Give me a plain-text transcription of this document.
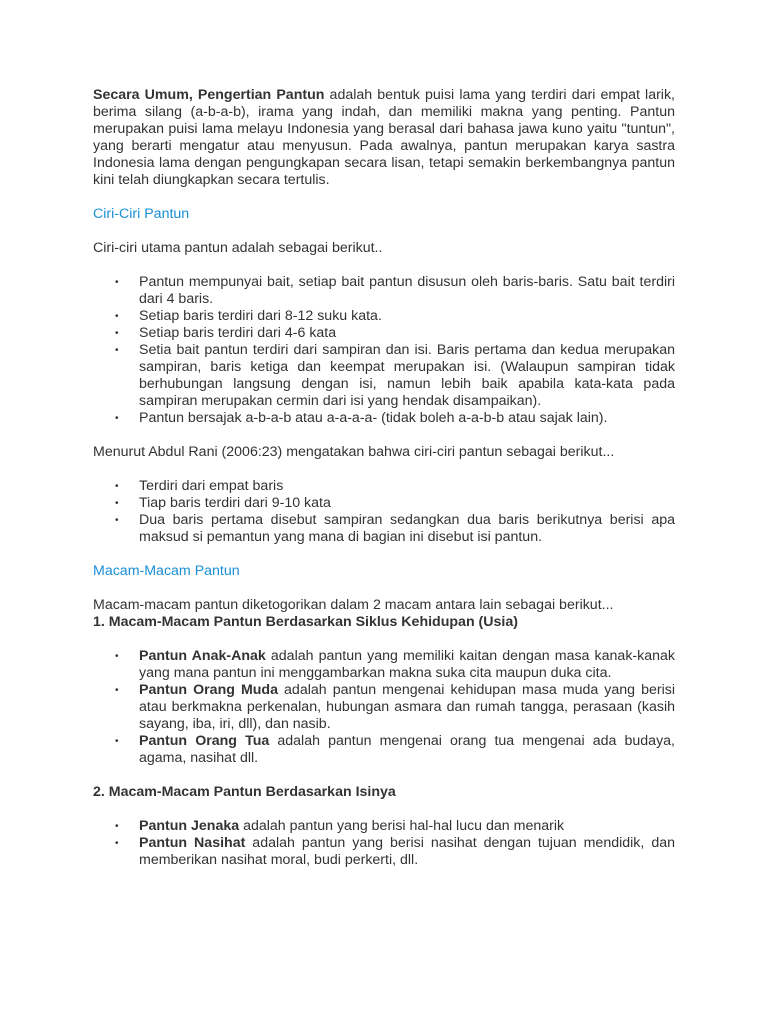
Secara Umum, Pengertian Pantun adalah bentuk puisi lama yang terdiri dari empat larik, berima silang (a-b-a-b), irama yang indah, dan memiliki makna yang penting. Pantun merupakan puisi lama melayu Indonesia yang berasal dari bahasa jawa kuno yaitu "tuntun", yang berarti mengatur atau menyusun. Pada awalnya, pantun merupakan karya sastra Indonesia lama dengan pengungkapan secara lisan, tetapi semakin berkembangnya pantun kini telah diungkapkan secara tertulis.

Ciri-Ciri Pantun

Ciri-ciri utama pantun adalah sebagai berikut..

• Pantun mempunyai bait, setiap bait pantun disusun oleh baris-baris. Satu bait terdiri dari 4 baris.
• Setiap baris terdiri dari 8-12 suku kata.
• Setiap baris terdiri dari 4-6 kata
• Setia bait pantun terdiri dari sampiran dan isi. Baris pertama dan kedua merupakan sampiran, baris ketiga dan keempat merupakan isi. (Walaupun sampiran tidak berhubungan langsung dengan isi, namun lebih baik apabila kata-kata pada sampiran merupakan cermin dari isi yang hendak disampaikan).
• Pantun bersajak a-b-a-b atau a-a-a-a- (tidak boleh a-a-b-b atau sajak lain).

Menurut Abdul Rani (2006:23) mengatakan bahwa ciri-ciri pantun sebagai berikut...

• Terdiri dari empat baris
• Tiap baris terdiri dari 9-10 kata
• Dua baris pertama disebut sampiran sedangkan dua baris berikutnya berisi apa maksud si pemantun yang mana di bagian ini disebut isi pantun.

Macam-Macam Pantun

Macam-macam pantun diketogorikan dalam 2 macam antara lain sebagai berikut...

1. Macam-Macam Pantun Berdasarkan Siklus Kehidupan (Usia)

• Pantun Anak-Anak adalah pantun yang memiliki kaitan dengan masa kanak-kanak yang mana pantun ini menggambarkan makna suka cita maupun duka cita.
• Pantun Orang Muda adalah pantun mengenai kehidupan masa muda yang berisi atau berkmakna perkenalan, hubungan asmara dan rumah tangga, perasaan (kasih sayang, iba, iri, dll), dan nasib.
• Pantun Orang Tua adalah pantun mengenai orang tua mengenai ada budaya, agama, nasihat dll.

2. Macam-Macam Pantun Berdasarkan Isinya

• Pantun Jenaka adalah pantun yang berisi hal-hal lucu dan menarik
• Pantun Nasihat adalah pantun yang berisi nasihat dengan tujuan mendidik, dan memberikan nasihat moral, budi perkerti, dll.
